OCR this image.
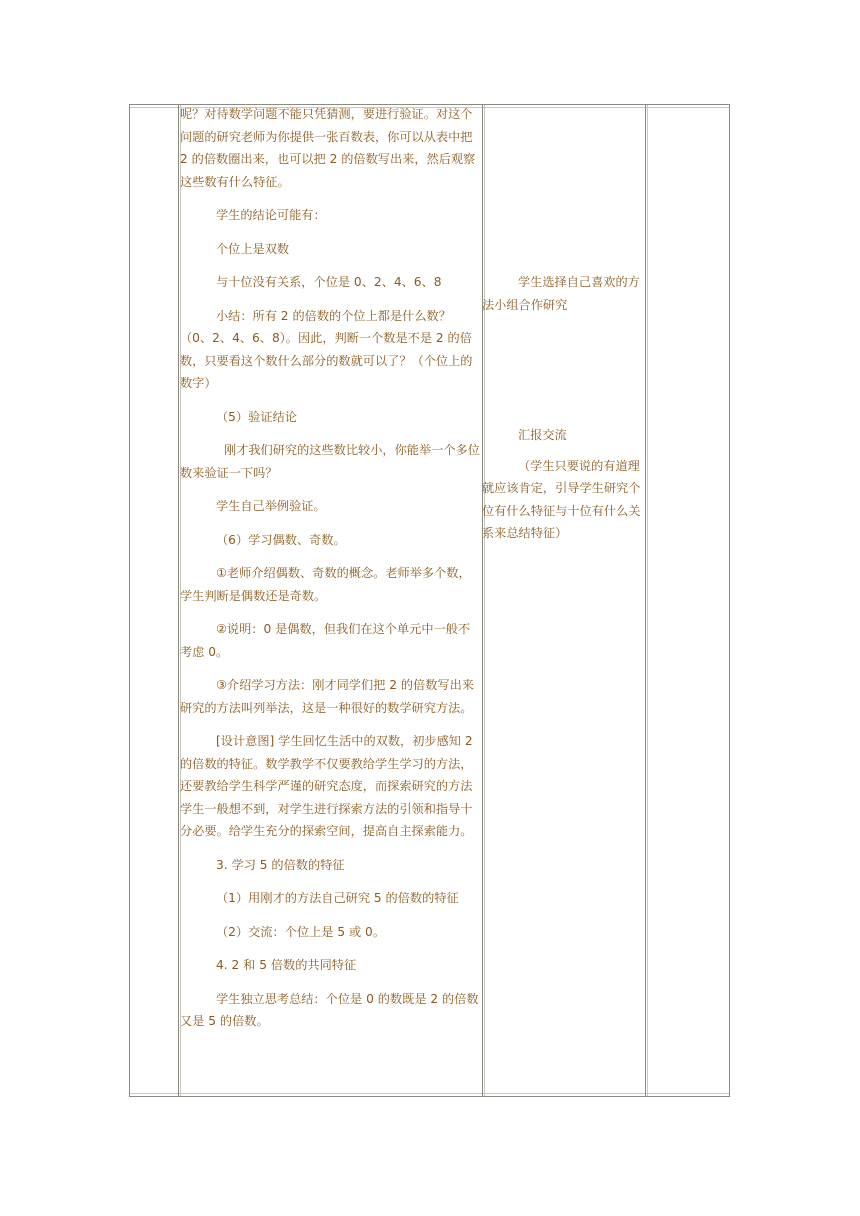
呢？对待数学问题不能只凭猜测，要进行验证。对这个问题的研究老师为你提供一张百数表，你可以从表中把 2 的倍数圈出来，也可以把 2 的倍数写出来，然后观察这些数有什么特征。

学生的结论可能有：

个位上是双数

与十位没有关系，个位是 0、2、4、6、8

小结：所有 2 的倍数的个位上都是什么数？（0、2、4、6、8）。因此，判断一个数是不是 2 的倍数，只要看这个数什么部分的数就可以了？（个位上的数字）

（5）验证结论

刚才我们研究的这些数比较小，你能举一个多位数来验证一下吗？

学生自己举例验证。

（6）学习偶数、奇数。

①老师介绍偶数、奇数的概念。老师举多个数，学生判断是偶数还是奇数。

②说明：0 是偶数，但我们在这个单元中一般不考虑 0。

③介绍学习方法：刚才同学们把 2 的倍数写出来研究的方法叫列举法，这是一种很好的数学研究方法。

[设计意图] 学生回忆生活中的双数，初步感知 2 的倍数的特征。数学教学不仅要教给学生学习的方法，还要教给学生科学严谨的研究态度，而探索研究的方法学生一般想不到，对学生进行探索方法的引领和指导十分必要。给学生充分的探索空间，提高自主探索能力。

3. 学习 5 的倍数的特征

（1）用刚才的方法自己研究 5 的倍数的特征

（2）交流：个位上是 5 或 0。

4. 2 和 5 倍数的共同特征

学生独立思考总结：个位是 0 的数既是 2 的倍数又是 5 的倍数。

学生选择自己喜欢的方法小组合作研究

汇报交流

（学生只要说的有道理就应该肯定，引导学生研究个位有什么特征与十位有什么关系来总结特征）
